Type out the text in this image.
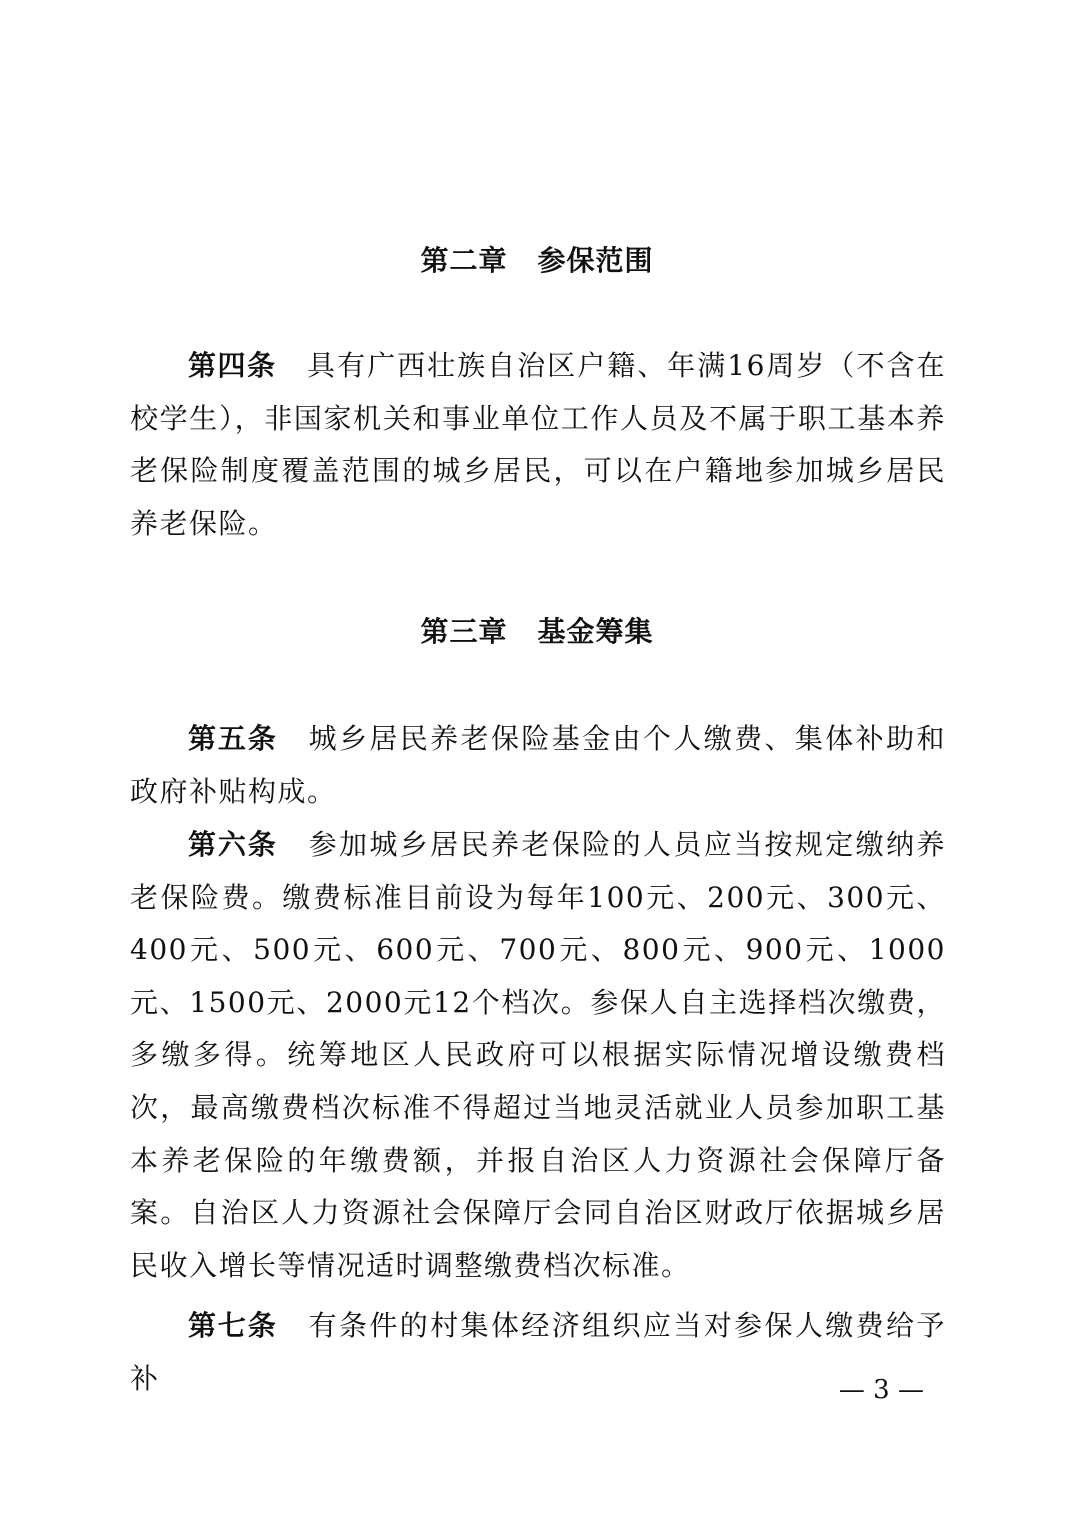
第二章 参保范围

第四条 具有广西壮族自治区户籍、年满16周岁（不含在校学生），非国家机关和事业单位工作人员及不属于职工基本养老保险制度覆盖范围的城乡居民，可以在户籍地参加城乡居民养老保险。

第三章 基金筹集

第五条 城乡居民养老保险基金由个人缴费、集体补助和政府补贴构成。

第六条 参加城乡居民养老保险的人员应当按规定缴纳养老保险费。缴费标准目前设为每年100元、200元、300元、400元、500元、600元、700元、800元、900元、1000元、1500元、2000元12个档次。参保人自主选择档次缴费，多缴多得。统筹地区人民政府可以根据实际情况增设缴费档次，最高缴费档次标准不得超过当地灵活就业人员参加职工基本养老保险的年缴费额，并报自治区人力资源社会保障厅备案。自治区人力资源社会保障厅会同自治区财政厅依据城乡居民收入增长等情况适时调整缴费档次标准。

第七条 有条件的村集体经济组织应当对参保人缴费给予补	— 3 —
